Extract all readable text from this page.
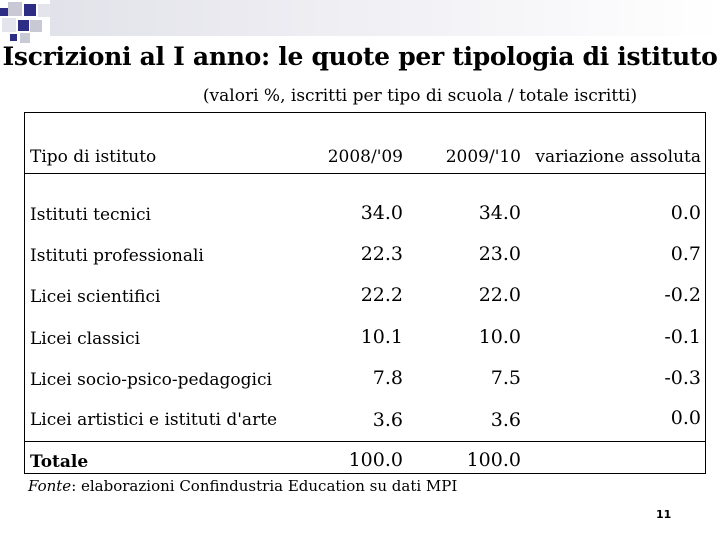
Iscrizioni al I anno: le quote per tipologia di istituto
(valori %, iscritti per tipo di scuola / totale iscritti)
Tipo di istituto	2008/'09	2009/'10 variazione assoluta
Istituti tecnici	34.0	34.0	0.0
Istituti professionali	22.3	23.0	0.7
Licei scientifici	22.2	22.0	-0.2
Licei classici	10.1	10.0	-0.1
Licei socio-psico-pedagogici	7.8	7.5	-0.3
Licei artistici e istituti d'arte	3.6	3.6	0.0
Totale	100.0	100.0
Fonte: elaborazioni Confindustria Education su dati MPI
11
